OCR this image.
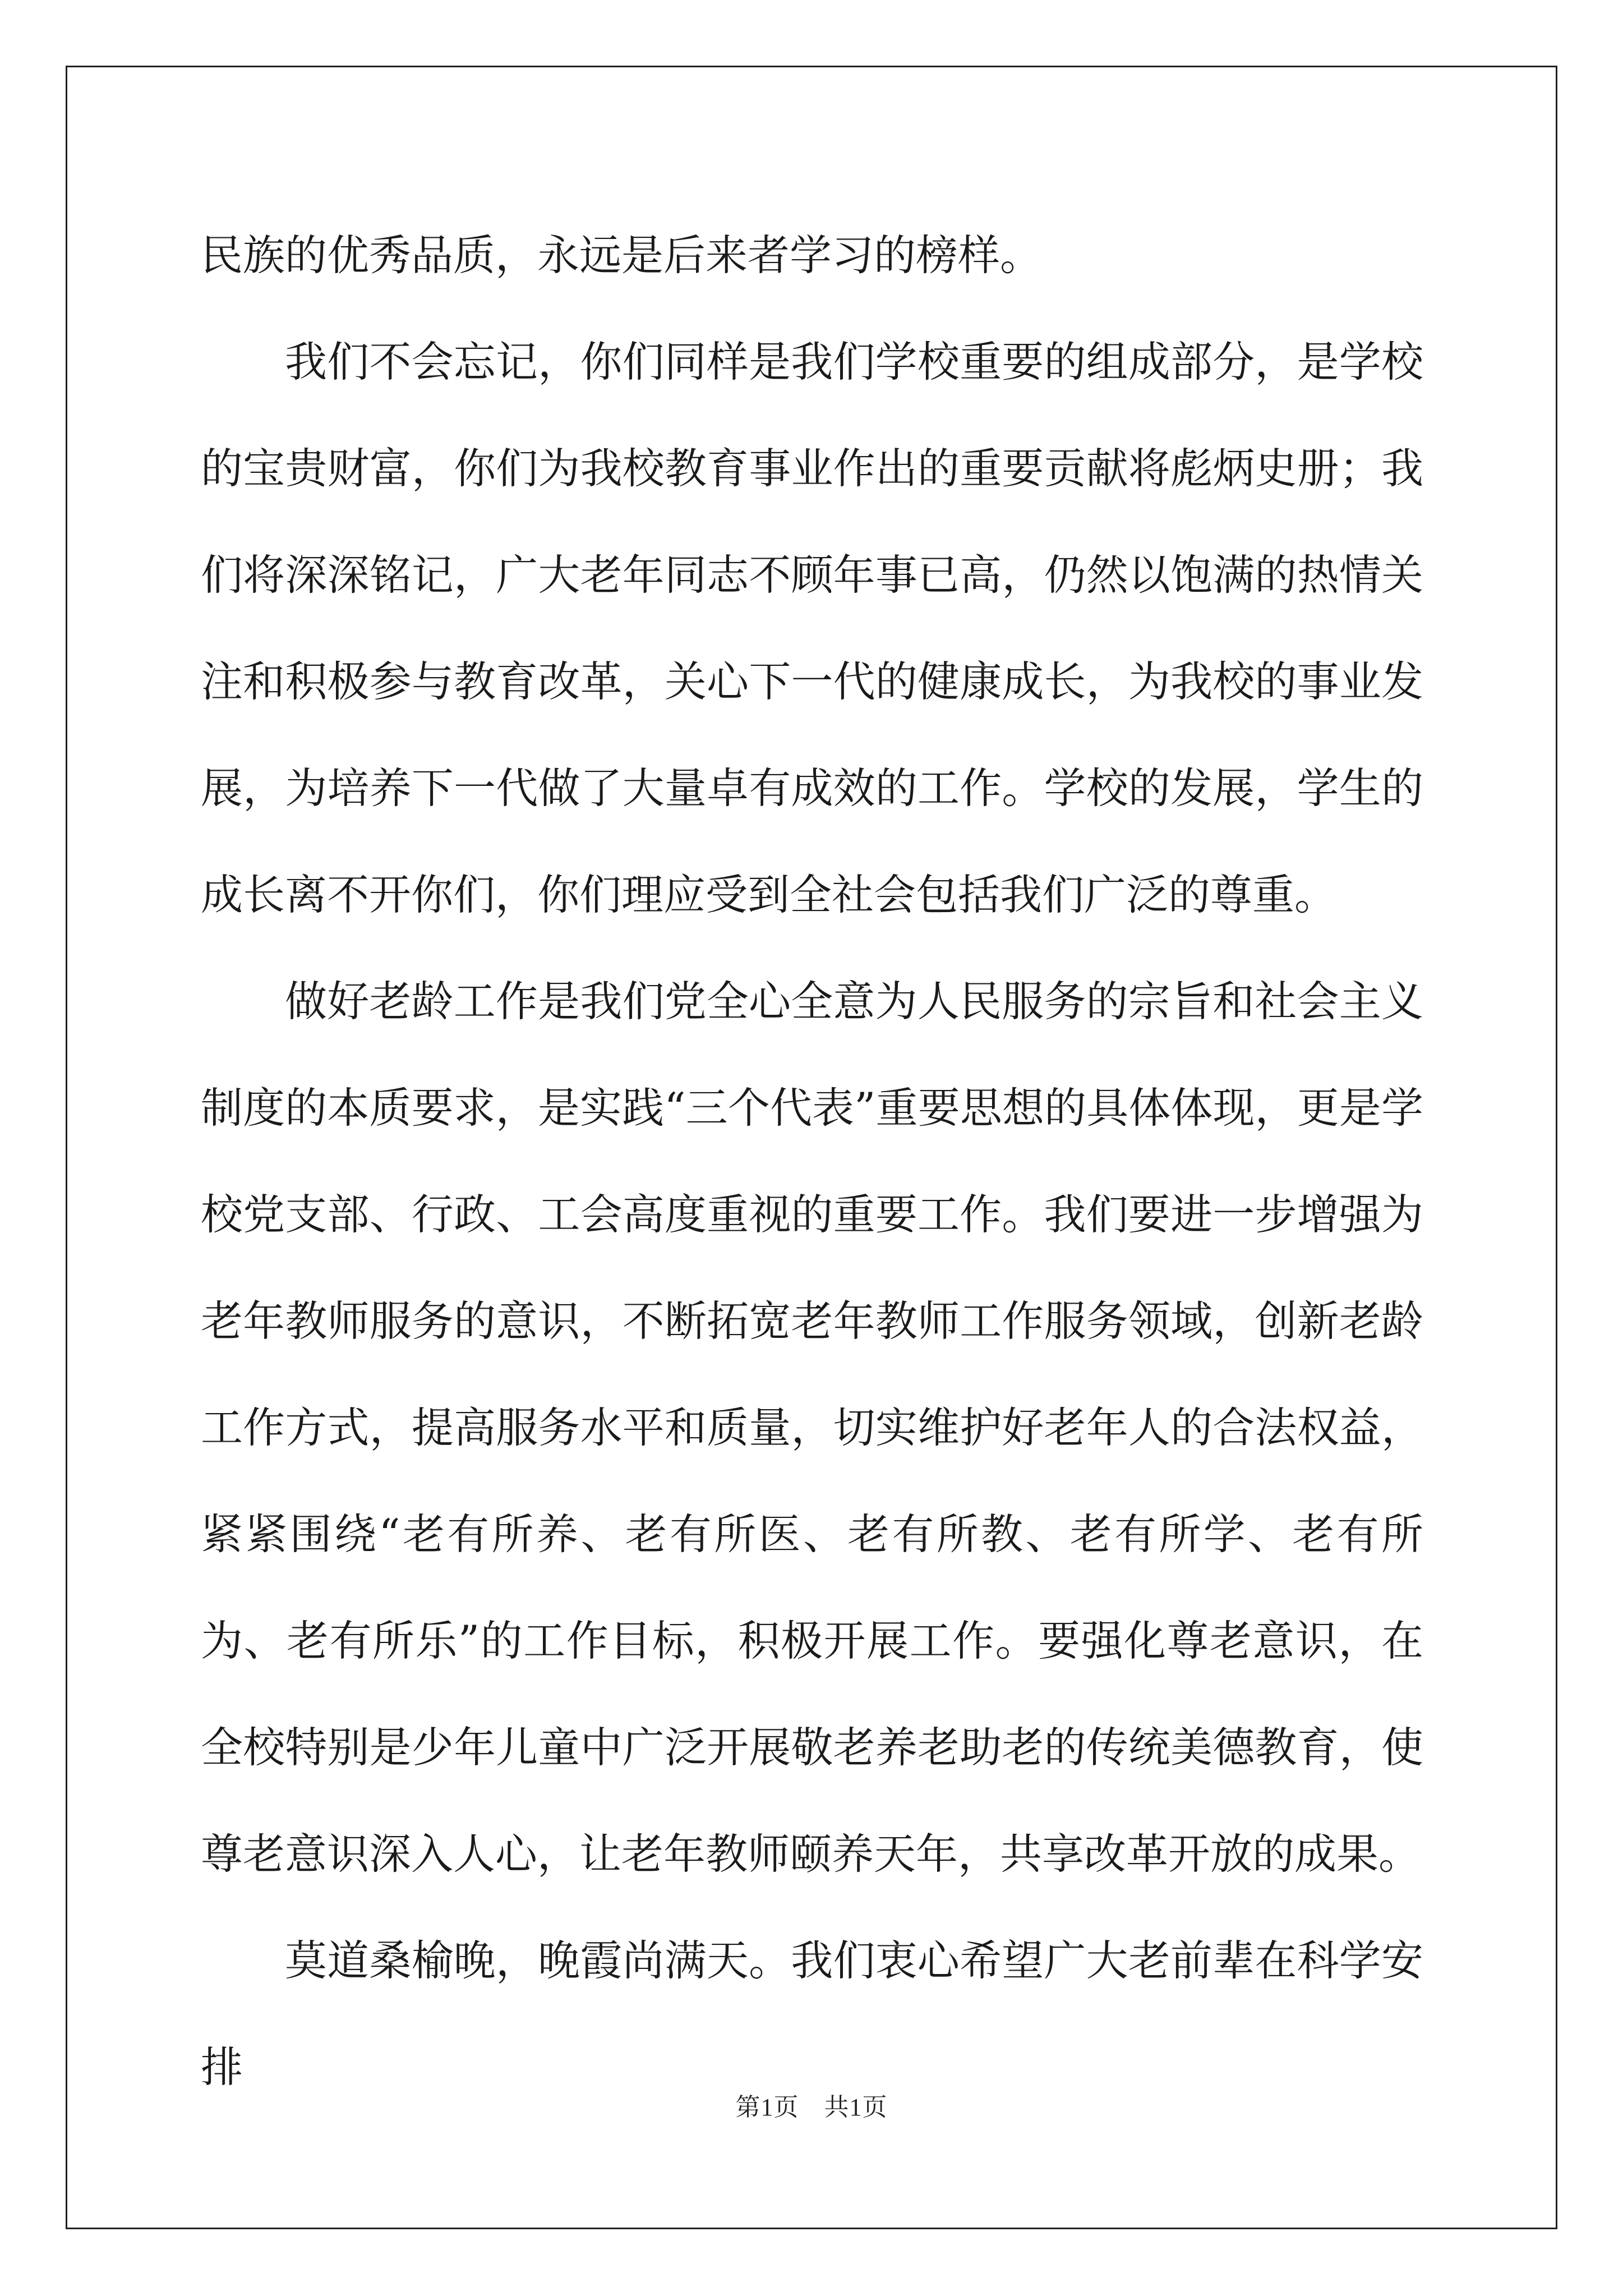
民族的优秀品质，永远是后来者学习的榜样。

我们不会忘记，你们同样是我们学校重要的组成部分，是学校的宝贵财富，你们为我校教育事业作出的重要贡献将彪炳史册；我们将深深铭记，广大老年同志不顾年事已高，仍然以饱满的热情关注和积极参与教育改革，关心下一代的健康成长，为我校的事业发展，为培养下一代做了大量卓有成效的工作。学校的发展，学生的成长离不开你们，你们理应受到全社会包括我们广泛的尊重。

做好老龄工作是我们党全心全意为人民服务的宗旨和社会主义制度的本质要求，是实践“三个代表”重要思想的具体体现，更是学校党支部、行政、工会高度重视的重要工作。我们要进一步增强为老年教师服务的意识，不断拓宽老年教师工作服务领域，创新老龄工作方式，提高服务水平和质量，切实维护好老年人的合法权益，紧紧围绕“老有所养、老有所医、老有所教、老有所学、老有所为、老有所乐”的工作目标，积极开展工作。要强化尊老意识，在全校特别是少年儿童中广泛开展敬老养老助老的传统美德教育，使尊老意识深入人心，让老年教师颐养天年，共享改革开放的成果。

莫道桑榆晚，晚霞尚满天。我们衷心希望广大老前辈在科学安排

第1页　共1页
